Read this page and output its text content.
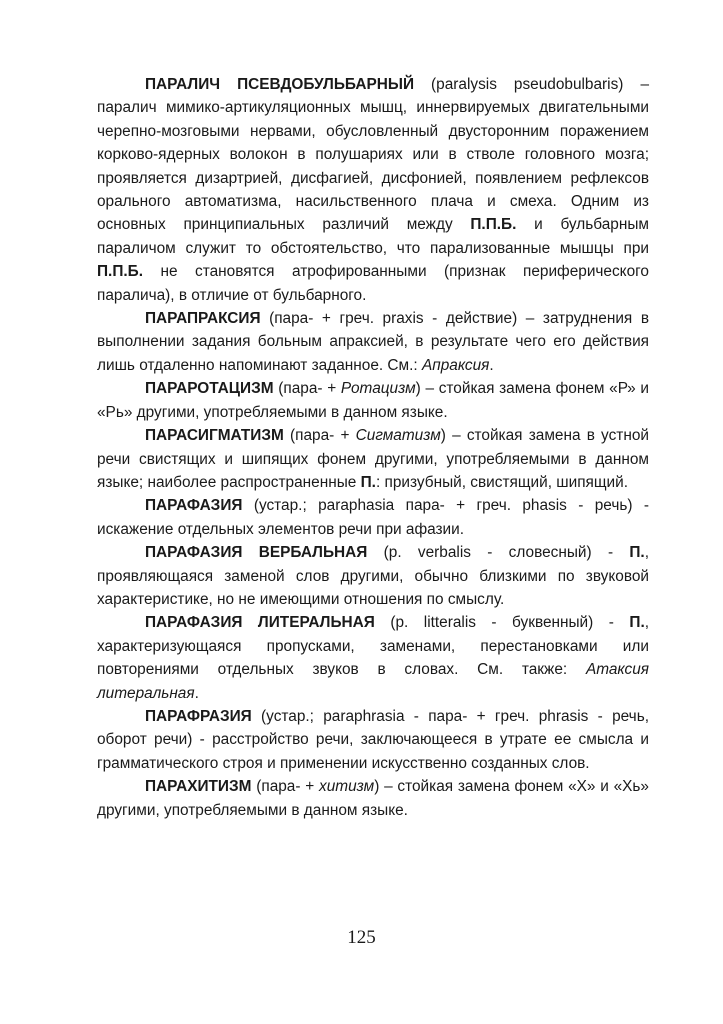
ПАРАЛИЧ ПСЕВДОБУЛЬБАРНЫЙ (paralysis pseudobulbaris) – паралич мимико-артикуляционных мышц, иннервируемых двигательными черепно-мозговыми нервами, обусловленный двусторонним поражением корково-ядерных волокон в полушариях или в стволе головного мозга; проявляется дизартрией, дисфагией, дисфонией, появлением рефлексов орального автоматизма, насильственного плача и смеха. Одним из основных принципиальных различий между П.П.Б. и бульбарным параличом служит то обстоятельство, что парализованные мышцы при П.П.Б. не становятся атрофированными (признак периферического паралича), в отличие от бульбарного.

ПАРАПРАКСИЯ (пара- + греч. praxis - действие) – затруднения в выполнении задания больным апраксией, в результате чего его действия лишь отдаленно напоминают заданное. См.: Апраксия.

ПАРАРОТАЦИЗМ (пара- + Ротацизм) – стойкая замена фонем «Р» и «Рь» другими, употребляемыми в данном языке.

ПАРАСИГМАТИЗМ (пара- + Сигматизм) – стойкая замена в устной речи свистящих и шипящих фонем другими, употребляемыми в данном языке; наиболее распространенные П.: призубный, свистящий, шипящий.

ПАРАФАЗИЯ (устар.; paraphasia пара- + греч. phasis - речь) - искажение отдельных элементов речи при афазии.

ПАРАФАЗИЯ ВЕРБАЛЬНАЯ (p. verbalis - словесный) - П., проявляющаяся заменой слов другими, обычно близкими по звуковой характеристике, но не имеющими отношения по смыслу.

ПАРАФАЗИЯ ЛИТЕРАЛЬНАЯ (p. litteralis - буквенный) - П., характеризующаяся пропусками, заменами, перестановками или повторениями отдельных звуков в словах. См. также: Атаксия литеральная.

ПАРАФРАЗИЯ (устар.; paraphrasia - пара- + греч. phrasis - речь, оборот речи) - расстройство речи, заключающееся в утрате ее смысла и грамматического строя и применении искусственно созданных слов.

ПАРАХИТИЗМ (пара- + хитизм) – стойкая замена фонем «Х» и «Хь» другими, употребляемыми в данном языке.

125
